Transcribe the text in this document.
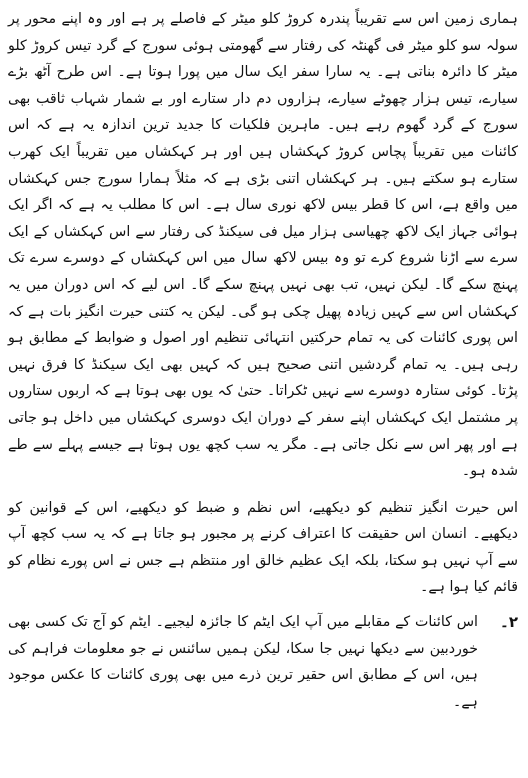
ہماری زمین اس سے تقریباً پندرہ کروڑ کلو میٹر کے فاصلے پر ہے اور وہ اپنے محور پر سولہ سو کلو میٹر فی گھنٹہ کی رفتار سے گھومتی ہوئی سورج کے گرد تیس کروڑ کلو میٹر کا دائرہ بناتی ہے۔ یہ سارا سفر ایک سال میں پورا ہوتا ہے۔ اس طرح آٹھ بڑے سیارے، تیس ہزار چھوٹے سیارے، ہزاروں دم دار ستارے اور بے شمار شہاب ثاقب بھی سورج کے گرد گھوم رہے ہیں۔ ماہرین فلکیات کا جدید ترین اندازہ یہ ہے کہ اس کائنات میں تقریباً پچاس کروڑ کہکشاں ہیں اور ہر کہکشاں میں تقریباً ایک کھرب ستارے ہو سکتے ہیں۔ ہر کہکشاں اتنی بڑی ہے کہ مثلاً ہمارا سورج جس کہکشاں میں واقع ہے، اس کا قطر بیس لاکھ نوری سال ہے۔ اس کا مطلب یہ ہے کہ اگر ایک ہوائی جہاز ایک لاکھ چھیاسی ہزار میل فی سیکنڈ کی رفتار سے اس کہکشاں کے ایک سرے سے اڑنا شروع کرے تو وہ بیس لاکھ سال میں اس کہکشاں کے دوسرے سرے تک پہنچ سکے گا۔ لیکن نہیں، تب بھی نہیں پہنچ سکے گا۔ اس لیے کہ اس دوران میں یہ کہکشاں اس سے کہیں زیادہ پھیل چکی ہو گی۔ لیکن یہ کتنی حیرت انگیز بات ہے کہ اس پوری کائنات کی یہ تمام حرکتیں انتہائی تنظیم اور اصول و ضوابط کے مطابق ہو رہی ہیں۔ یہ تمام گردشیں اتنی صحیح ہیں کہ کہیں بھی ایک سیکنڈ کا فرق نہیں پڑتا۔ کوئی ستارہ دوسرے سے نہیں ٹکراتا۔ حتیٰ کہ یوں بھی ہوتا ہے کہ اربوں ستاروں پر مشتمل ایک کہکشاں اپنے سفر کے دوران ایک دوسری کہکشاں میں داخل ہو جاتی ہے اور پھر اس سے نکل جاتی ہے۔ مگر یہ سب کچھ یوں ہوتا ہے جیسے پہلے سے طے شدہ ہو۔

اس حیرت انگیز تنظیم کو دیکھیے، اس نظم و ضبط کو دیکھیے، اس کے قوانین کو دیکھیے۔ انسان اس حقیقت کا اعتراف کرنے پر مجبور ہو جاتا ہے کہ یہ سب کچھ آپ سے آپ نہیں ہو سکتا، بلکہ ایک عظیم خالق اور منتظم ہے جس نے اس پورے نظام کو قائم کیا ہوا ہے۔

۲۔

اس کائنات کے مقابلے میں آپ ایک ایٹم کا جائزہ لیجیے۔ ایٹم کو آج تک کسی بھی خوردبین سے دیکھا نہیں جا سکا، لیکن ہمیں سائنس نے جو معلومات فراہم کی ہیں، اس کے مطابق اس حقیر ترین ذرے میں بھی پوری کائنات کا عکس موجود ہے۔
